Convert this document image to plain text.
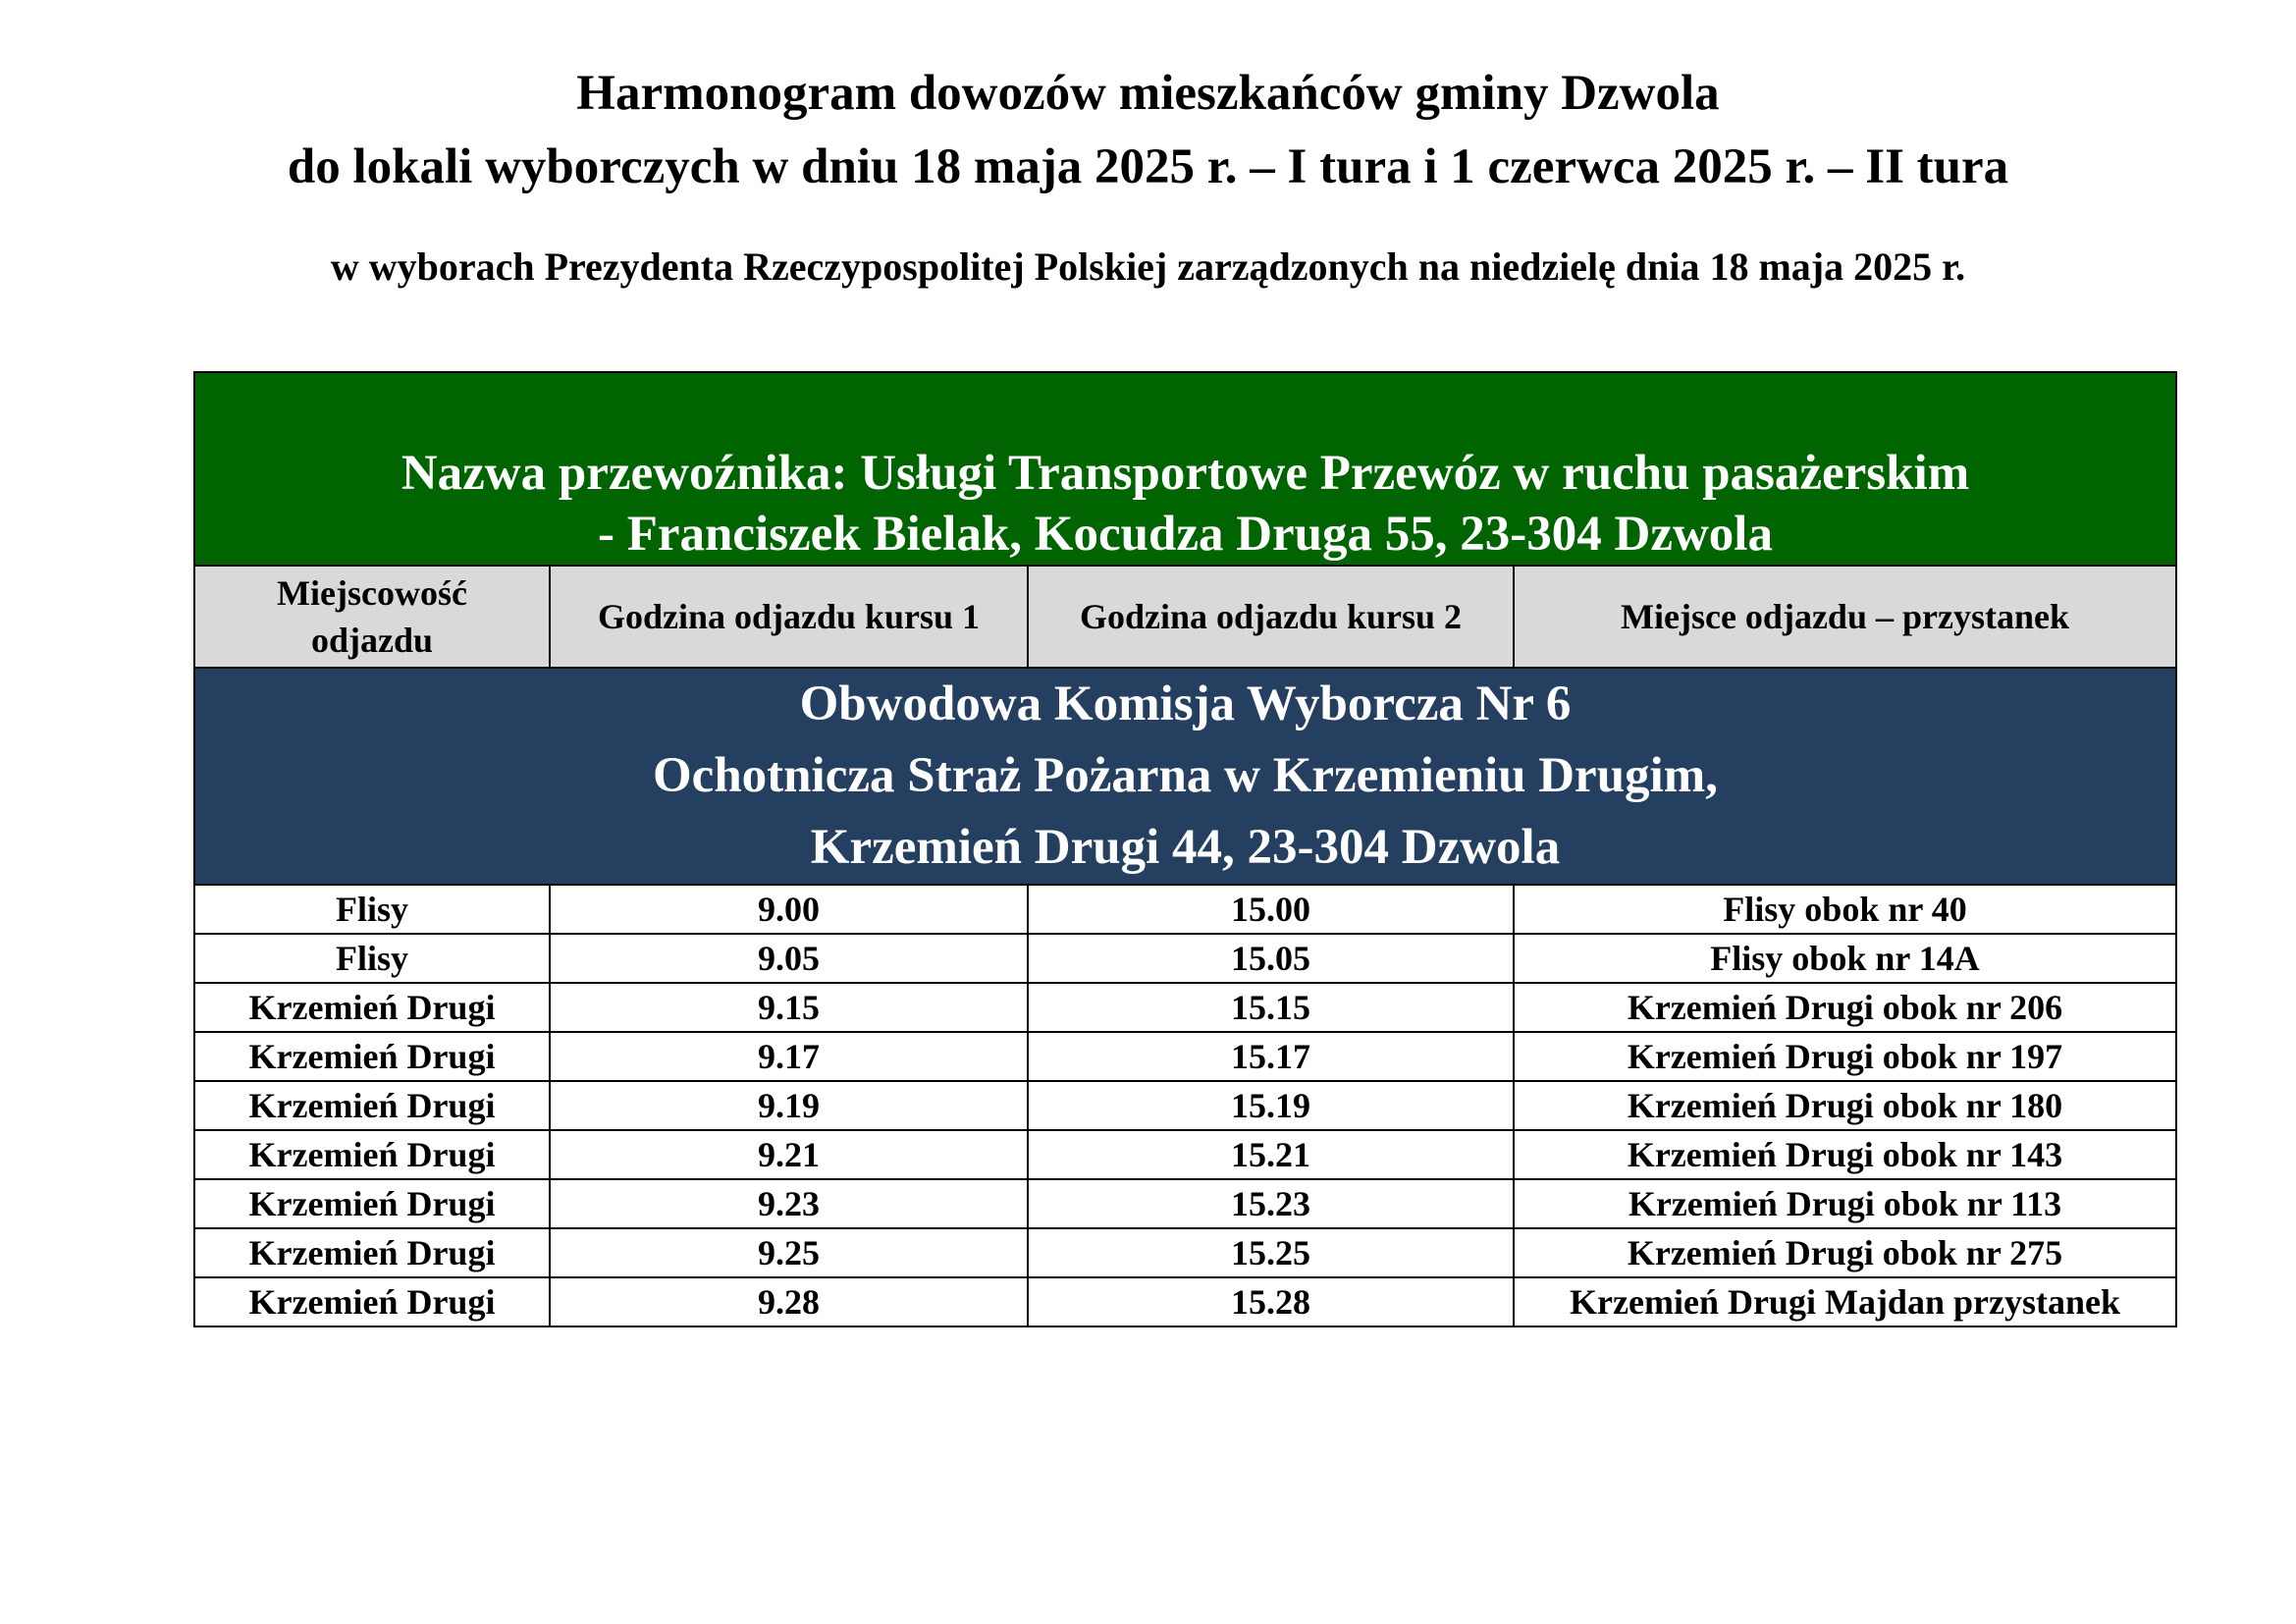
Harmonogram dowozów mieszkańców gminy Dzwola
do lokali wyborczych w dniu 18 maja 2025 r. – I tura i 1 czerwca 2025 r. – II tura
w wyborach Prezydenta Rzeczypospolitej Polskiej zarządzonych na niedzielę dnia 18 maja 2025 r.
Nazwa przewoźnika: Usługi Transportowe Przewóz w ruchu pasażerskim
- Franciszek Bielak, Kocudza Druga 55, 23-304 Dzwola			

Miejscowość odjazdu	Godzina odjazdu kursu 1	Godzina odjazdu kursu 2	Miejsce odjazdu – przystanek

Obwodowa Komisja Wyborcza Nr 6
Ochotnicza Straż Pożarna w Krzemieniu Drugim,
Krzemień Drugi 44, 23-304 Dzwola			

Flisy	9.00	15.00	Flisy obok nr 40
Flisy	9.05	15.05	Flisy obok nr 14A
Krzemień Drugi	9.15	15.15	Krzemień Drugi obok nr 206
Krzemień Drugi	9.17	15.17	Krzemień Drugi obok nr 197
Krzemień Drugi	9.19	15.19	Krzemień Drugi obok nr 180
Krzemień Drugi	9.21	15.21	Krzemień Drugi obok nr 143
Krzemień Drugi	9.23	15.23	Krzemień Drugi obok nr 113
Krzemień Drugi	9.25	15.25	Krzemień Drugi obok nr 275
Krzemień Drugi	9.28	15.28	Krzemień Drugi Majdan przystanek
